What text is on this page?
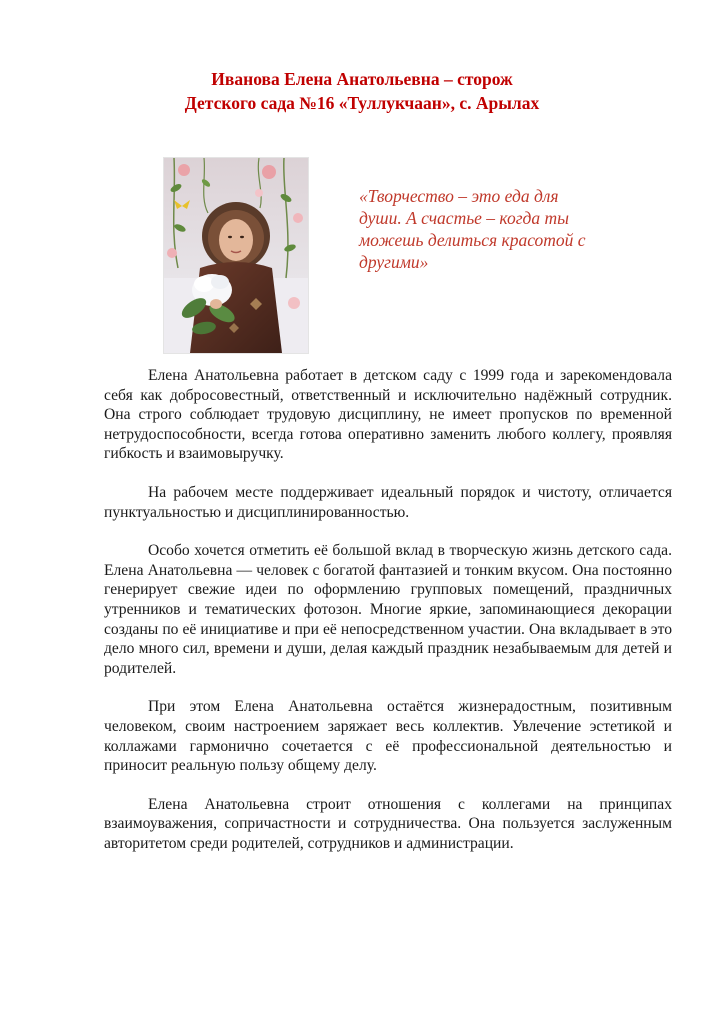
Иванова Елена Анатольевна – сторож
Детского сада №16 «Туллукчаан», с. Арылах
«Творчество – это еда для
души. А счастье – когда ты
можешь делиться красотой с
другими»

Елена Анатольевна работает в детском саду с 1999 года и зарекомендовала себя как добросовестный, ответственный и исключительно надёжный сотрудник. Она строго соблюдает трудовую дисциплину, не имеет пропусков по временной нетрудоспособности, всегда готова оперативно заменить любого коллегу, проявляя гибкость и взаимовыручку.

На рабочем месте поддерживает идеальный порядок и чистоту, отличается пунктуальностью и дисциплинированностью.

Особо хочется отметить её большой вклад в творческую жизнь детского сада. Елена Анатольевна — человек с богатой фантазией и тонким вкусом. Она постоянно генерирует свежие идеи по оформлению групповых помещений, праздничных утренников и тематических фотозон. Многие яркие, запоминающиеся декорации созданы по её инициативе и при её непосредственном участии. Она вкладывает в это дело много сил, времени и души, делая каждый праздник незабываемым для детей и родителей.

При этом Елена Анатольевна остаётся жизнерадостным, позитивным человеком, своим настроением заряжает весь коллектив. Увлечение эстетикой и коллажами гармонично сочетается с её профессиональной деятельностью и приносит реальную пользу общему делу.

Елена Анатольевна строит отношения с коллегами на принципах взаимоуважения, сопричастности и сотрудничества. Она пользуется заслуженным авторитетом среди родителей, сотрудников и администрации.
